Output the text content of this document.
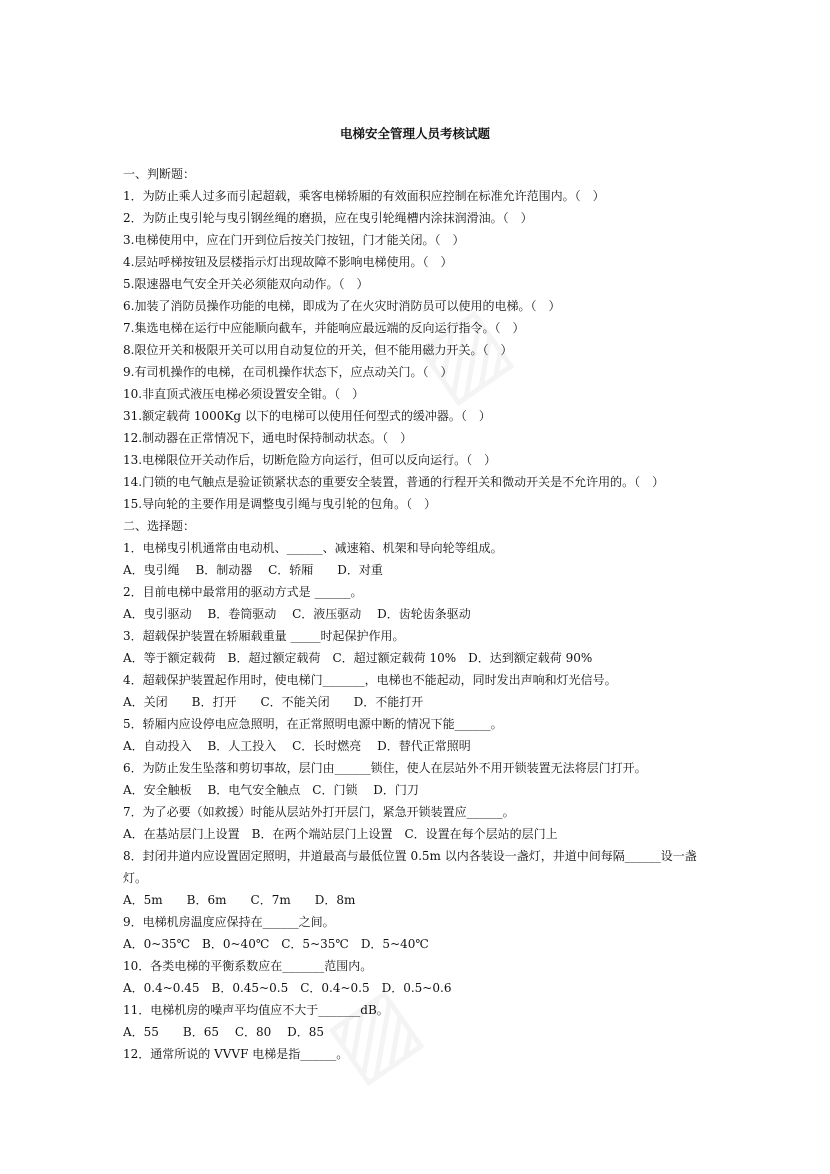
电梯安全管理人员考核试题
一、判断题：
1．为防止乘人过多而引起超载，乘客电梯轿厢的有效面积应控制在标准允许范围内。（　）
2．为防止曳引轮与曳引钢丝绳的磨损，应在曳引轮绳槽内涂抹润滑油。（　）
3.电梯使用中，应在门开到位后按关门按钮，门才能关闭。（　）
4.层站呼梯按钮及层楼指示灯出现故障不影响电梯使用。（　）
5.限速器电气安全开关必须能双向动作。（　）
6.加装了消防员操作功能的电梯，即成为了在火灾时消防员可以使用的电梯。（　）
7.集选电梯在运行中应能顺向截车，并能响应最远端的反向运行指令。（　）
8.限位开关和极限开关可以用自动复位的开关，但不能用磁力开关。（　）
9.有司机操作的电梯，在司机操作状态下，应点动关门。（　）
10.非直顶式液压电梯必须设置安全钳。（　）
31.额定载荷 1000Kg 以下的电梯可以使用任何型式的缓冲器。（　）
12.制动器在正常情况下，通电时保持制动状态。（　）
13.电梯限位开关动作后，切断危险方向运行，但可以反向运行。（　）
14.门锁的电气触点是验证锁紧状态的重要安全装置，普通的行程开关和微动开关是不允许用的。（　）
15.导向轮的主要作用是调整曳引绳与曳引轮的包角。（　）
二、选择题：
1．电梯曳引机通常由电动机、______、减速箱、机架和导向轮等组成。
A．曳引绳　 B．制动器　 C．轿厢　　D．对重
2．目前电梯中最常用的驱动方式是 ______。
A．曳引驱动　 B．卷筒驱动　 C．液压驱动　 D．齿轮齿条驱动
3．超载保护装置在轿厢载重量 _____时起保护作用。
A．等于额定载荷　B．超过额定载荷　C．超过额定载荷 10%　D．达到额定载荷 90%
4．超载保护装置起作用时，使电梯门_______，电梯也不能起动，同时发出声响和灯光信号。
A．关闭　　B．打开　　C．不能关闭　　D．不能打开
5．轿厢内应设停电应急照明，在正常照明电源中断的情况下能______。
A．自动投入　 B．人工投入　 C．长时燃亮　 D．替代正常照明
6．为防止发生坠落和剪切事故，层门由______锁住，使人在层站外不用开锁装置无法将层门打开。
A．安全触板　 B．电气安全触点　C．门锁　 D．门刀
7．为了必要（如救援）时能从层站外打开层门，紧急开锁装置应______。
A．在基站层门上设置　B．在两个端站层门上设置　C．设置在每个层站的层门上
8．封闭井道内应设置固定照明，井道最高与最低位置 0.5m 以内各装设一盏灯，井道中间每隔______设一盏灯。
A．5m　　B．6m　　C．7m　　D．8m
9．电梯机房温度应保持在______之间。
A．0~35℃　B．0~40℃　C．5~35℃　D．5~40℃
10．各类电梯的平衡系数应在_______范围内。
A．0.4~0.45　B．0.45~0.5　C．0.4~0.5　D．0.5~0.6
11．电梯机房的噪声平均值应不大于_______dB。
A．55　　B．65　 C．80　 D．85
12．通常所说的 VVVF 电梯是指______。
